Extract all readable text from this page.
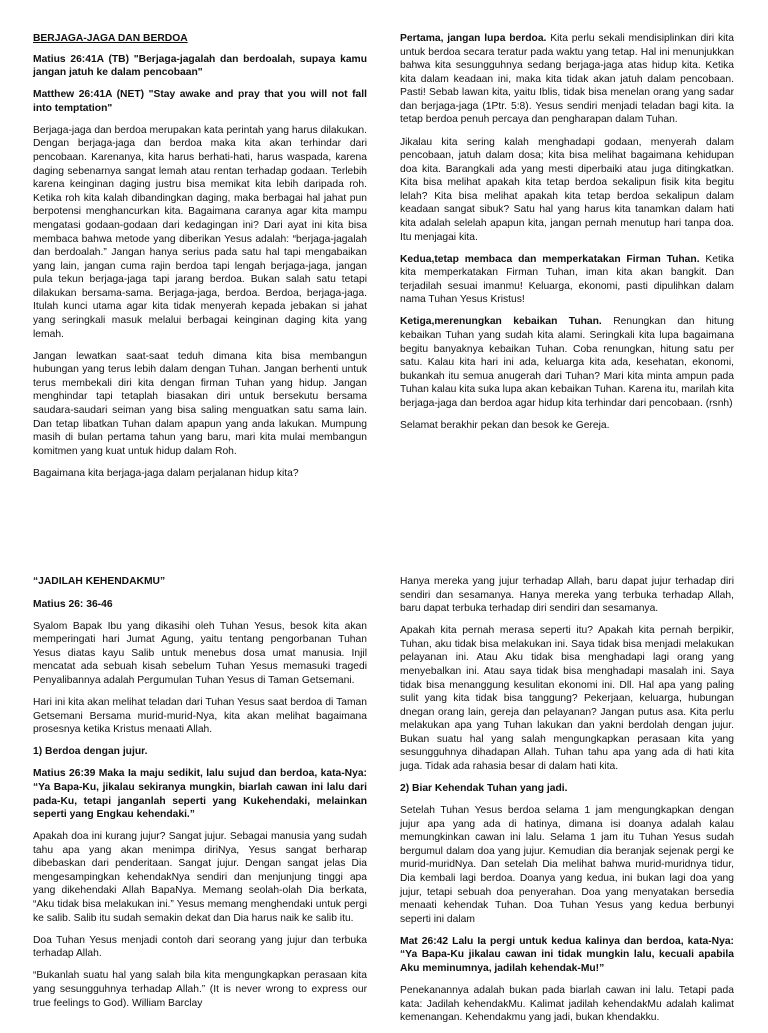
BERJAGA-JAGA DAN BERDOA

Matius 26:41A (TB) "Berjaga-jagalah dan berdoalah, supaya kamu jangan jatuh ke dalam pencobaan"

Matthew 26:41A (NET) "Stay awake and pray that you will not fall into temptation"

Berjaga-jaga dan berdoa merupakan kata perintah yang harus dilakukan. Dengan berjaga-jaga dan berdoa maka kita akan terhindar dari pencobaan. Karenanya, kita harus berhati-hati, harus waspada, karena daging sebenarnya sangat lemah atau rentan terhadap godaan. Terlebih karena keinginan daging justru bisa memikat kita lebih daripada roh. Ketika roh kita kalah dibandingkan daging, maka berbagai hal jahat pun berpotensi menghancurkan kita. Bagaimana caranya agar kita mampu mengatasi godaan-godaan dari kedagingan ini? Dari ayat ini kita bisa membaca bahwa metode yang diberikan Yesus adalah: “berjaga-jagalah dan berdoalah.” Jangan hanya serius pada satu hal tapi mengabaikan yang lain, jangan cuma rajin berdoa tapi lengah berjaga-jaga, jangan pula tekun berjaga-jaga tapi jarang berdoa. Bukan salah satu tetapi dilakukan bersama-sama. Berjaga-jaga, berdoa. Berdoa, berjaga-jaga. Itulah kunci utama agar kita tidak menyerah kepada jebakan si jahat yang seringkali masuk melalui berbagai keinginan daging kita yang lemah.

Jangan lewatkan saat-saat teduh dimana kita bisa membangun hubungan yang terus lebih dalam dengan Tuhan. Jangan berhenti untuk terus membekali diri kita dengan firman Tuhan yang hidup. Jangan menghindar tapi tetaplah biasakan diri untuk bersekutu bersama saudara-saudari seiman yang bisa saling menguatkan satu sama lain. Dan tetap libatkan Tuhan dalam apapun yang anda lakukan. Mumpung masih di bulan pertama tahun yang baru, mari kita mulai membangun komitmen yang kuat untuk hidup dalam Roh.

Bagaimana kita berjaga-jaga dalam perjalanan hidup kita?

Pertama, jangan lupa berdoa. Kita perlu sekali mendisiplinkan diri kita untuk berdoa secara teratur pada waktu yang tetap. Hal ini menunjukkan bahwa kita sesungguhnya sedang berjaga-jaga atas hidup kita. Ketika kita dalam keadaan ini, maka kita tidak akan jatuh dalam pencobaan. Pasti! Sebab lawan kita, yaitu Iblis, tidak bisa menelan orang yang sadar dan berjaga-jaga (1Ptr. 5:8). Yesus sendiri menjadi teladan bagi kita. Ia tetap berdoa penuh percaya dan pengharapan dalam Tuhan.

Jikalau kita sering kalah menghadapi godaan, menyerah dalam pencobaan, jatuh dalam dosa; kita bisa melihat bagaimana kehidupan doa kita. Barangkali ada yang mesti diperbaiki atau juga ditingkatkan. Kita bisa melihat apakah kita tetap berdoa sekalipun fisik kita begitu lelah? Kita bisa melihat apakah kita tetap berdoa sekalipun dalam keadaan sangat sibuk? Satu hal yang harus kita tanamkan dalam hati kita adalah selelah apapun kita, jangan pernah menutup hari tanpa doa. Itu menjagai kita.

Kedua,tetap membaca dan memperkatakan Firman Tuhan. Ketika kita memperkatakan Firman Tuhan, iman kita akan bangkit. Dan terjadilah sesuai imanmu! Keluarga, ekonomi, pasti dipulihkan dalam nama Tuhan Yesus Kristus!

Ketiga,merenungkan kebaikan Tuhan. Renungkan dan hitung kebaikan Tuhan yang sudah kita alami. Seringkali kita lupa bagaimana begitu banyaknya kebaikan Tuhan. Coba renungkan, hitung satu per satu. Kalau kita hari ini ada, keluarga kita ada, kesehatan, ekonomi, bukankah itu semua anugerah dari Tuhan? Mari kita minta ampun pada Tuhan kalau kita suka lupa akan kebaikan Tuhan. Karena itu, marilah kita berjaga-jaga dan berdoa agar hidup kita terhindar dari pencobaan. (rsnh)

Selamat berakhir pekan dan besok ke Gereja.

“JADILAH KEHENDAKMU”

Matius 26: 36-46

Syalom Bapak Ibu yang dikasihi oleh Tuhan Yesus, besok kita akan memperingati hari Jumat Agung, yaitu tentang pengorbanan Tuhan Yesus diatas kayu Salib untuk menebus dosa umat manusia. Injil mencatat ada sebuah kisah sebelum Tuhan Yesus memasuki tragedi Penyalibannya adalah Pergumulan Tuhan Yesus di Taman Getsemani.

Hari ini kita akan melihat teladan dari Tuhan Yesus saat berdoa di Taman Getsemani Bersama murid-murid-Nya, kita akan melihat bagaimana prosesnya ketika Kristus menaati Allah.

1) Berdoa dengan jujur.

Matius 26:39 Maka Ia maju sedikit, lalu sujud dan berdoa, kata-Nya: “Ya Bapa-Ku, jikalau sekiranya mungkin, biarlah cawan ini lalu dari pada-Ku, tetapi janganlah seperti yang Kukehendaki, melainkan seperti yang Engkau kehendaki.”

Apakah doa ini kurang jujur? Sangat jujur. Sebagai manusia yang sudah tahu apa yang akan menimpa diriNya, Yesus sangat berharap dibebaskan dari penderitaan. Sangat jujur. Dengan sangat jelas Dia mengesampingkan kehendakNya sendiri dan menjunjung tinggi apa yang dikehendaki Allah BapaNya. Memang seolah-olah Dia berkata, “Aku tidak bisa melakukan ini.” Yesus memang menghendaki untuk pergi ke salib. Salib itu sudah semakin dekat dan Dia harus naik ke salib itu.

Doa Tuhan Yesus menjadi contoh dari seorang yang jujur dan terbuka terhadap Allah.

“Bukanlah suatu hal yang salah bila kita mengungkapkan perasaan kita yang sesungguhnya terhadap Allah.” (It is never wrong to express our true feelings to God). William Barclay

Hanya mereka yang jujur terhadap Allah, baru dapat jujur terhadap diri sendiri dan sesamanya. Hanya mereka yang terbuka terhadap Allah, baru dapat terbuka terhadap diri sendiri dan sesamanya.

Apakah kita pernah merasa seperti itu? Apakah kita pernah berpikir, Tuhan, aku tidak bisa melakukan ini. Saya tidak bisa menjadi melakukan pelayanan ini. Atau Aku tidak bisa menghadapi lagi orang yang menyebalkan ini. Atau saya tidak bisa menghadapi masalah ini. Saya tidak bisa menanggung kesulitan ekonomi ini. Dll. Hal apa yang paling sulit yang kita tidak bisa tanggung? Pekerjaan, keluarga, hubungan dnegan orang lain, gereja dan pelayanan? Jangan putus asa. Kita perlu melakukan apa yang Tuhan lakukan dan yakni berdolah dengan jujur. Bukan suatu hal yang salah mengungkapkan perasaan kita yang sesungguhnya dihadapan Allah. Tuhan tahu apa yang ada di hati kita juga. Tidak ada rahasia besar di dalam hati kita.

2) Biar Kehendak Tuhan yang jadi.

Setelah Tuhan Yesus berdoa selama 1 jam mengungkapkan dengan jujur apa yang ada di hatinya, dimana isi doanya adalah kalau memungkinkan cawan ini lalu. Selama 1 jam itu Tuhan Yesus sudah bergumul dalam doa yang jujur. Kemudian dia beranjak sejenak pergi ke murid-muridNya. Dan setelah Dia melihat bahwa murid-muridnya tidur, Dia kembali lagi berdoa. Doanya yang kedua, ini bukan lagi doa yang jujur, tetapi sebuah doa penyerahan. Doa yang menyatakan bersedia menaati kehendak Tuhan. Doa Tuhan Yesus yang kedua berbunyi seperti ini dalam

Mat 26:42 Lalu Ia pergi untuk kedua kalinya dan berdoa, kata-Nya: “Ya Bapa-Ku jikalau cawan ini tidak mungkin lalu, kecuali apabila Aku meminumnya, jadilah kehendak-Mu!”

Penekanannya adalah bukan pada biarlah cawan ini lalu. Tetapi pada kata: Jadilah kehendakMu. Kalimat jadilah kehendakMu adalah kalimat kemenangan. Kehendakmu yang jadi, bukan khendakku.
